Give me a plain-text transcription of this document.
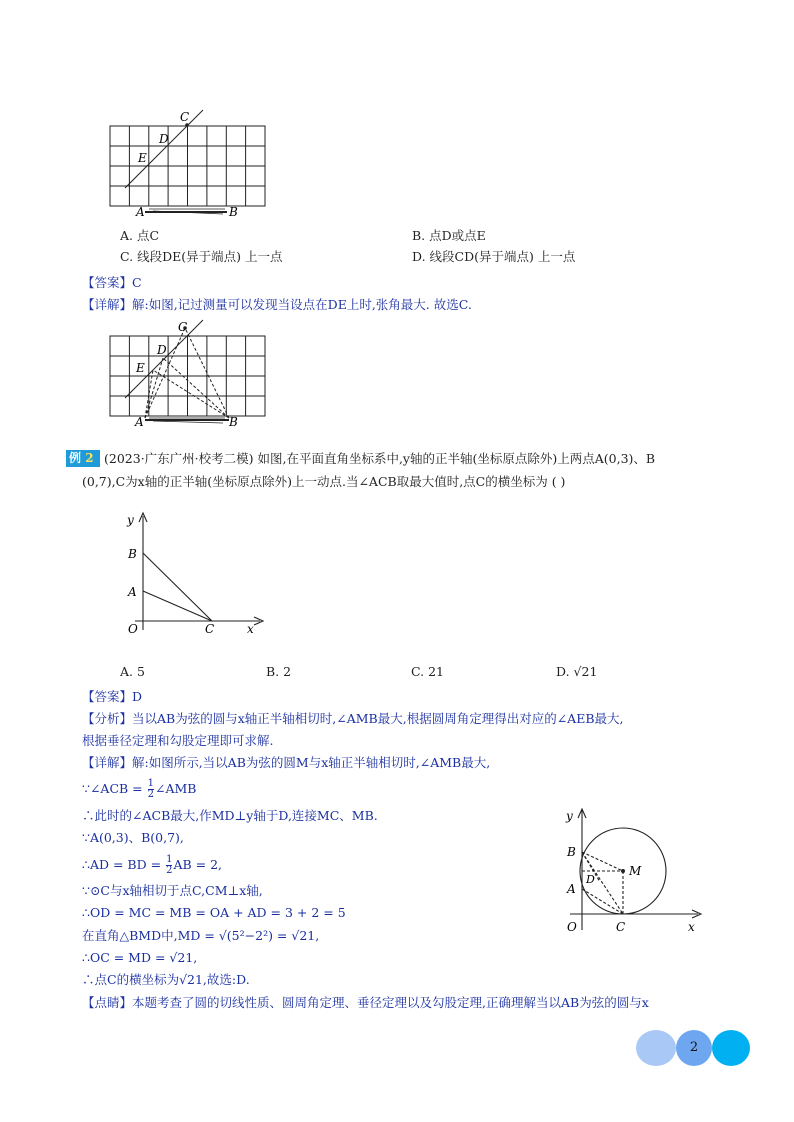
C
D
E
A	B
A. 点C	B. 点D或点E
C. 线段DE(异于端点) 上一点	D. 线段CD(异于端点) 上一点
【答案】C
【详解】解:如图,记过测量可以发现当设点在DE上时,张角最大. 故选C.
C
D
E
A	B
例 2 (2023·广东广州·校考二模) 如图,在平面直角坐标系中,y轴的正半轴(坐标原点除外)上两点A(0,3)、B
(0,7),C为x轴的正半轴(坐标原点除外)上一动点.当∠ACB取最大值时,点C的横坐标为 ( )
y
B
A
O	C	x
A. 5	B. 2	C. 21	D. √21
【答案】D
【分析】当以AB为弦的圆与x轴正半轴相切时,∠AMB最大,根据圆周角定理得出对应的∠AEB最大,
根据垂径定理和勾股定理即可求解.
【详解】解:如图所示,当以AB为弦的圆M与x轴正半轴相切时,∠AMB最大,
∵∠ACB = $\frac{1}{2}$ ∠AMB
∴此时的∠ACB最大,作MD⊥y轴于D,连接MC、MB.
∵A(0,3)、B(0,7),
∴AD = BD = $\frac{1}{2}$ AB = 2,
∵⊙C与x轴相切于点C,CM⊥x轴,
∴OD = MC = MB = OA + AD = 3 + 2 = 5
在直角△BMD中,MD = √(5²−2²) = √21,
∴OC = MD = √21,
∴点C的横坐标为√21,故选:D.
【点睛】本题考查了圆的切线性质、圆周角定理、垂径定理以及勾股定理,正确理解当以AB为弦的圆与x
y
B
A
D
M
O	C	x
2
